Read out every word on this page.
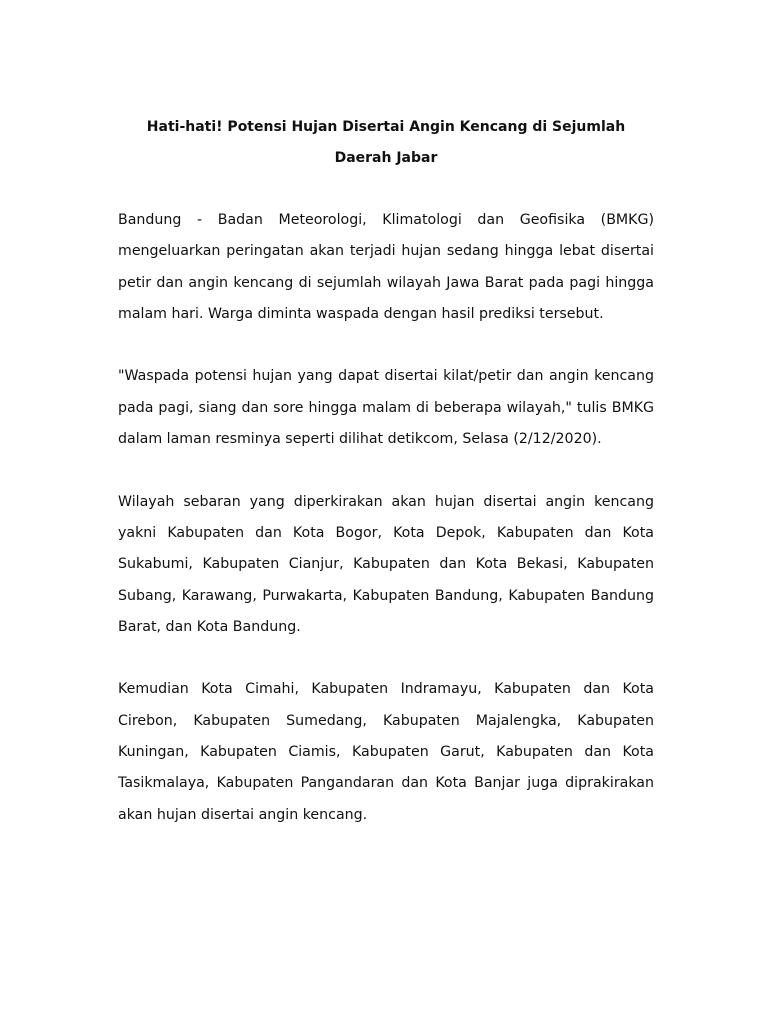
Hati-hati! Potensi Hujan Disertai Angin Kencang di Sejumlah Daerah Jabar

Bandung - Badan Meteorologi, Klimatologi dan Geofisika (BMKG) mengeluarkan peringatan akan terjadi hujan sedang hingga lebat disertai petir dan angin kencang di sejumlah wilayah Jawa Barat pada pagi hingga malam hari. Warga diminta waspada dengan hasil prediksi tersebut.

"Waspada potensi hujan yang dapat disertai kilat/petir dan angin kencang pada pagi, siang dan sore hingga malam di beberapa wilayah," tulis BMKG dalam laman resminya seperti dilihat detikcom, Selasa (2/12/2020).

Wilayah sebaran yang diperkirakan akan hujan disertai angin kencang yakni Kabupaten dan Kota Bogor, Kota Depok, Kabupaten dan Kota Sukabumi, Kabupaten Cianjur, Kabupaten dan Kota Bekasi, Kabupaten Subang, Karawang, Purwakarta, Kabupaten Bandung, Kabupaten Bandung Barat, dan Kota Bandung.

Kemudian Kota Cimahi, Kabupaten Indramayu, Kabupaten dan Kota Cirebon, Kabupaten Sumedang, Kabupaten Majalengka, Kabupaten Kuningan, Kabupaten Ciamis, Kabupaten Garut, Kabupaten dan Kota Tasikmalaya, Kabupaten Pangandaran dan Kota Banjar juga diprakirakan akan hujan disertai angin kencang.
